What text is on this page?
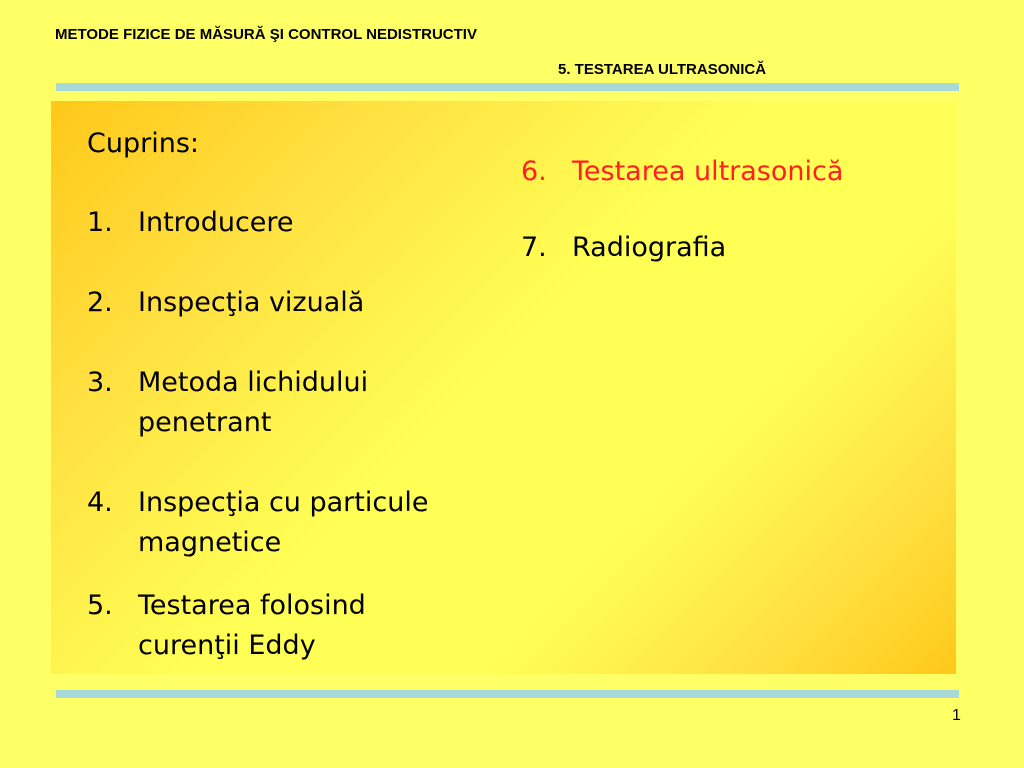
METODE FIZICE DE MĂSURĂ ŞI CONTROL NEDISTRUCTIV
5. TESTAREA ULTRASONICĂ
Cuprins:
1. Introducere
2. Inspecţia vizuală
3. Metoda lichidului
penetrant
4. Inspecţia cu particule
magnetice
5. Testarea folosind
curenţii Eddy
6. Testarea ultrasonică
7. Radiografia
1
